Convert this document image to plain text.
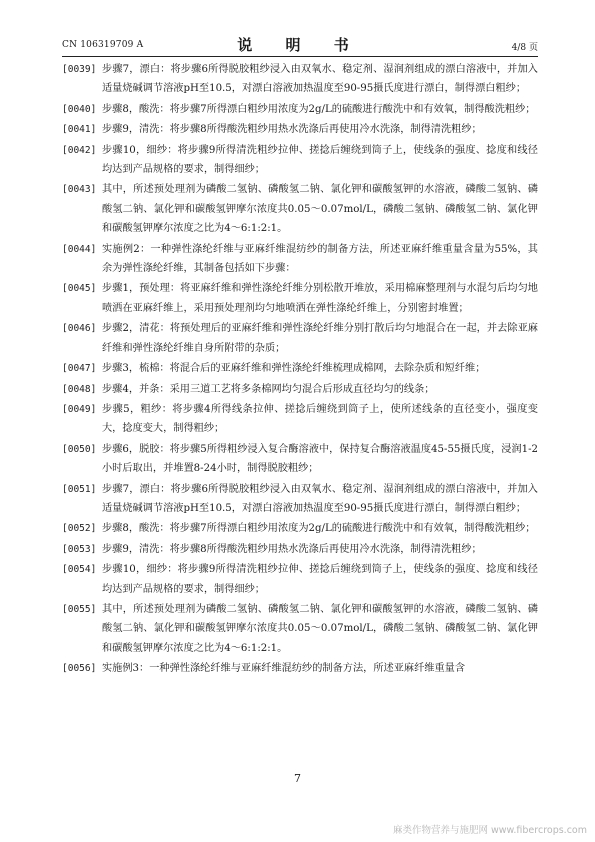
CN 106319709 A	说 明 书	4/8 页
[0039] 步骤7，漂白：将步骤6所得脱胶粗纱浸入由双氧水、稳定剂、湿润剂组成的漂白溶液中，并加入适量烧碱调节溶液pH至10.5，对漂白溶液加热温度至90-95摄氏度进行漂白，制得漂白粗纱；
[0040] 步骤8，酸洗：将步骤7所得漂白粗纱用浓度为2g/L的硫酸进行酸洗中和有效氧，制得酸洗粗纱；
[0041] 步骤9，清洗：将步骤8所得酸洗粗纱用热水洗涤后再使用冷水洗涤，制得清洗粗纱；
[0042] 步骤10，细纱：将步骤9所得清洗粗纱拉伸、搓捻后缠绕到筒子上，使线条的强度、捻度和线径均达到产品规格的要求，制得细纱；
[0043] 其中，所述预处理剂为磷酸二氢钠、磷酸氢二钠、氯化钾和碳酸氢钾的水溶液，磷酸二氢钠、磷酸氢二钠、氯化钾和碳酸氢钾摩尔浓度共0.05～0.07mol/L，磷酸二氢钠、磷酸氢二钠、氯化钾和碳酸氢钾摩尔浓度之比为4～6:1:2:1。
[0044] 实施例2：一种弹性涤纶纤维与亚麻纤维混纺纱的制备方法，所述亚麻纤维重量含量为55%，其余为弹性涤纶纤维，其制备包括如下步骤：
[0045] 步骤1，预处理：将亚麻纤维和弹性涤纶纤维分别松散开堆放，采用棉麻整理剂与水混匀后均匀地喷洒在亚麻纤维上，采用预处理剂均匀地喷洒在弹性涤纶纤维上，分别密封堆置；
[0046] 步骤2，清花：将预处理后的亚麻纤维和弹性涤纶纤维分别打散后均匀地混合在一起，并去除亚麻纤维和弹性涤纶纤维自身所附带的杂质；
[0047] 步骤3，梳棉：将混合后的亚麻纤维和弹性涤纶纤维梳理成棉网，去除杂质和短纤维；
[0048] 步骤4，并条：采用三道工艺将多条棉网均匀混合后形成直径均匀的线条；
[0049] 步骤5，粗纱：将步骤4所得线条拉伸、搓捻后缠绕到筒子上，使所述线条的直径变小，强度变大，捻度变大，制得粗纱；
[0050] 步骤6，脱胶：将步骤5所得粗纱浸入复合酶溶液中，保持复合酶溶液温度45-55摄氏度，浸润1-2小时后取出，并堆置8-24小时，制得脱胶粗纱；
[0051] 步骤7，漂白：将步骤6所得脱胶粗纱浸入由双氧水、稳定剂、湿润剂组成的漂白溶液中，并加入适量烧碱调节溶液pH至10.5，对漂白溶液加热温度至90-95摄氏度进行漂白，制得漂白粗纱；
[0052] 步骤8，酸洗：将步骤7所得漂白粗纱用浓度为2g/L的硫酸进行酸洗中和有效氧，制得酸洗粗纱；
[0053] 步骤9，清洗：将步骤8所得酸洗粗纱用热水洗涤后再使用冷水洗涤，制得清洗粗纱；
[0054] 步骤10，细纱：将步骤9所得清洗粗纱拉伸、搓捻后缠绕到筒子上，使线条的强度、捻度和线径均达到产品规格的要求，制得细纱；
[0055] 其中，所述预处理剂为磷酸二氢钠、磷酸氢二钠、氯化钾和碳酸氢钾的水溶液，磷酸二氢钠、磷酸氢二钠、氯化钾和碳酸氢钾摩尔浓度共0.05～0.07mol/L，磷酸二氢钠、磷酸氢二钠、氯化钾和碳酸氢钾摩尔浓度之比为4～6:1:2:1。
[0056] 实施例3：一种弹性涤纶纤维与亚麻纤维混纺纱的制备方法，所述亚麻纤维重量含
7
麻类作物营养与施肥网 www.fibercrops.com
